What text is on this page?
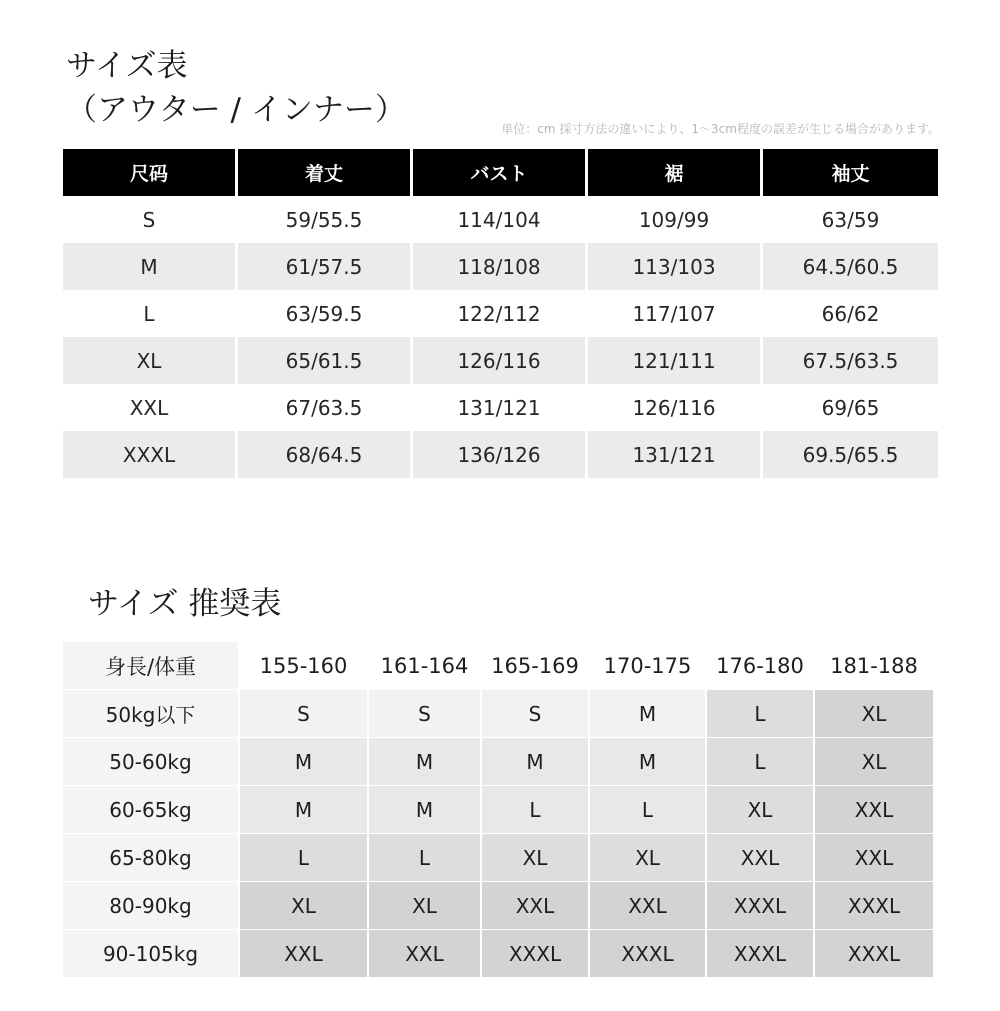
サイズ表
（アウター / インナー）
単位：cm 採寸方法の違いにより、1〜3cm程度の誤差が生じる場合があります。
尺码	着丈	バスト	裾	袖丈
S	59/55.5	114/104	109/99	63/59
M	61/57.5	118/108	113/103	64.5/60.5
L	63/59.5	122/112	117/107	66/62
XL	65/61.5	126/116	121/111	67.5/63.5
XXL	67/63.5	131/121	126/116	69/65
XXXL	68/64.5	136/126	131/121	69.5/65.5
サイズ 推奨表
身長/体重	155-160	161-164	165-169	170-175	176-180	181-188
50kg以下	S	S	S	M	L	XL
50-60kg	M	M	M	M	L	XL
60-65kg	M	M	L	L	XL	XXL
65-80kg	L	L	XL	XL	XXL	XXL
80-90kg	XL	XL	XXL	XXL	XXXL	XXXL
90-105kg	XXL	XXL	XXXL	XXXL	XXXL	XXXL
